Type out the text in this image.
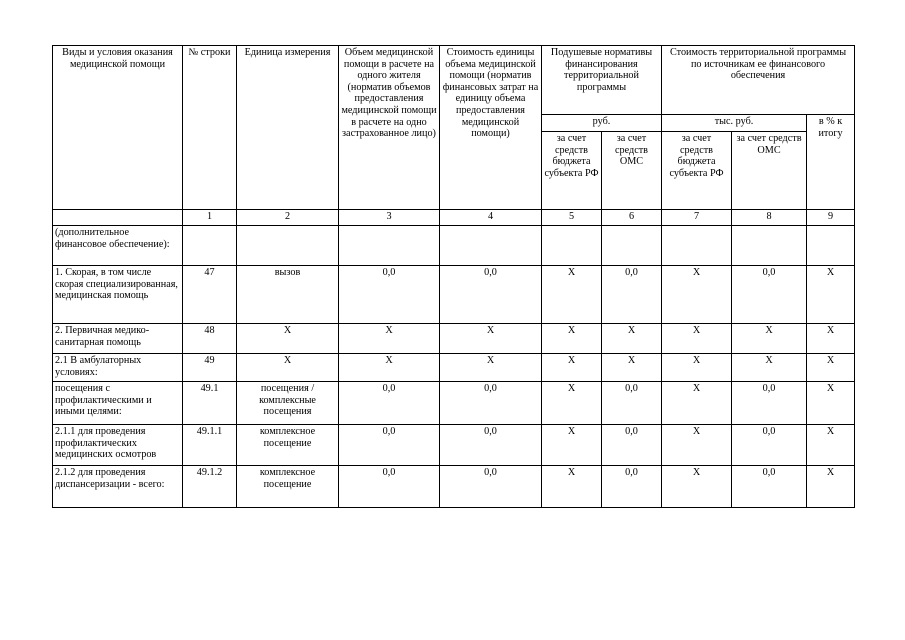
Виды и условия оказания медицинской помощи	№ строки	Единица измерения	Объем медицинской помощи в расчете на одного жителя (норматив объемов предоставления медицинской помощи в расчете на одно застрахованное лицо)	Стоимость единицы объема медицинской помощи (норматив финансовых затрат на единицу объема предоставления медицинской помощи)	Подушевые нормативы финансирования территориальной программы		Стоимость территориальной программы по источникам ее финансового обеспечения		
					руб.		тыс. руб.		в % к итогу
					за счет средств бюджета субъекта РФ	за счет средств ОМС	за счет средств бюджета субъекта РФ	за счет средств ОМС	
	1	2	3	4	5	6	7	8	9
(дополнительное финансовое обеспечение):									
1. Скорая, в том числе скорая специализированная, медицинская помощь	47	вызов	0,0	0,0	X	0,0	X	0,0	X
2. Первичная медико-санитарная помощь	48	X	X	X	X	X	X	X	X
2.1 В амбулаторных условиях:	49	X	X	X	X	X	X	X	X
посещения с профилактическими и иными целями:	49.1	посещения / комплексные посещения	0,0	0,0	X	0,0	X	0,0	X
2.1.1 для проведения профилактических медицинских осмотров	49.1.1	комплексное посещение	0,0	0,0	X	0,0	X	0,0	X
2.1.2 для проведения диспансеризации - всего:	49.1.2	комплексное посещение	0,0	0,0	X	0,0	X	0,0	X
